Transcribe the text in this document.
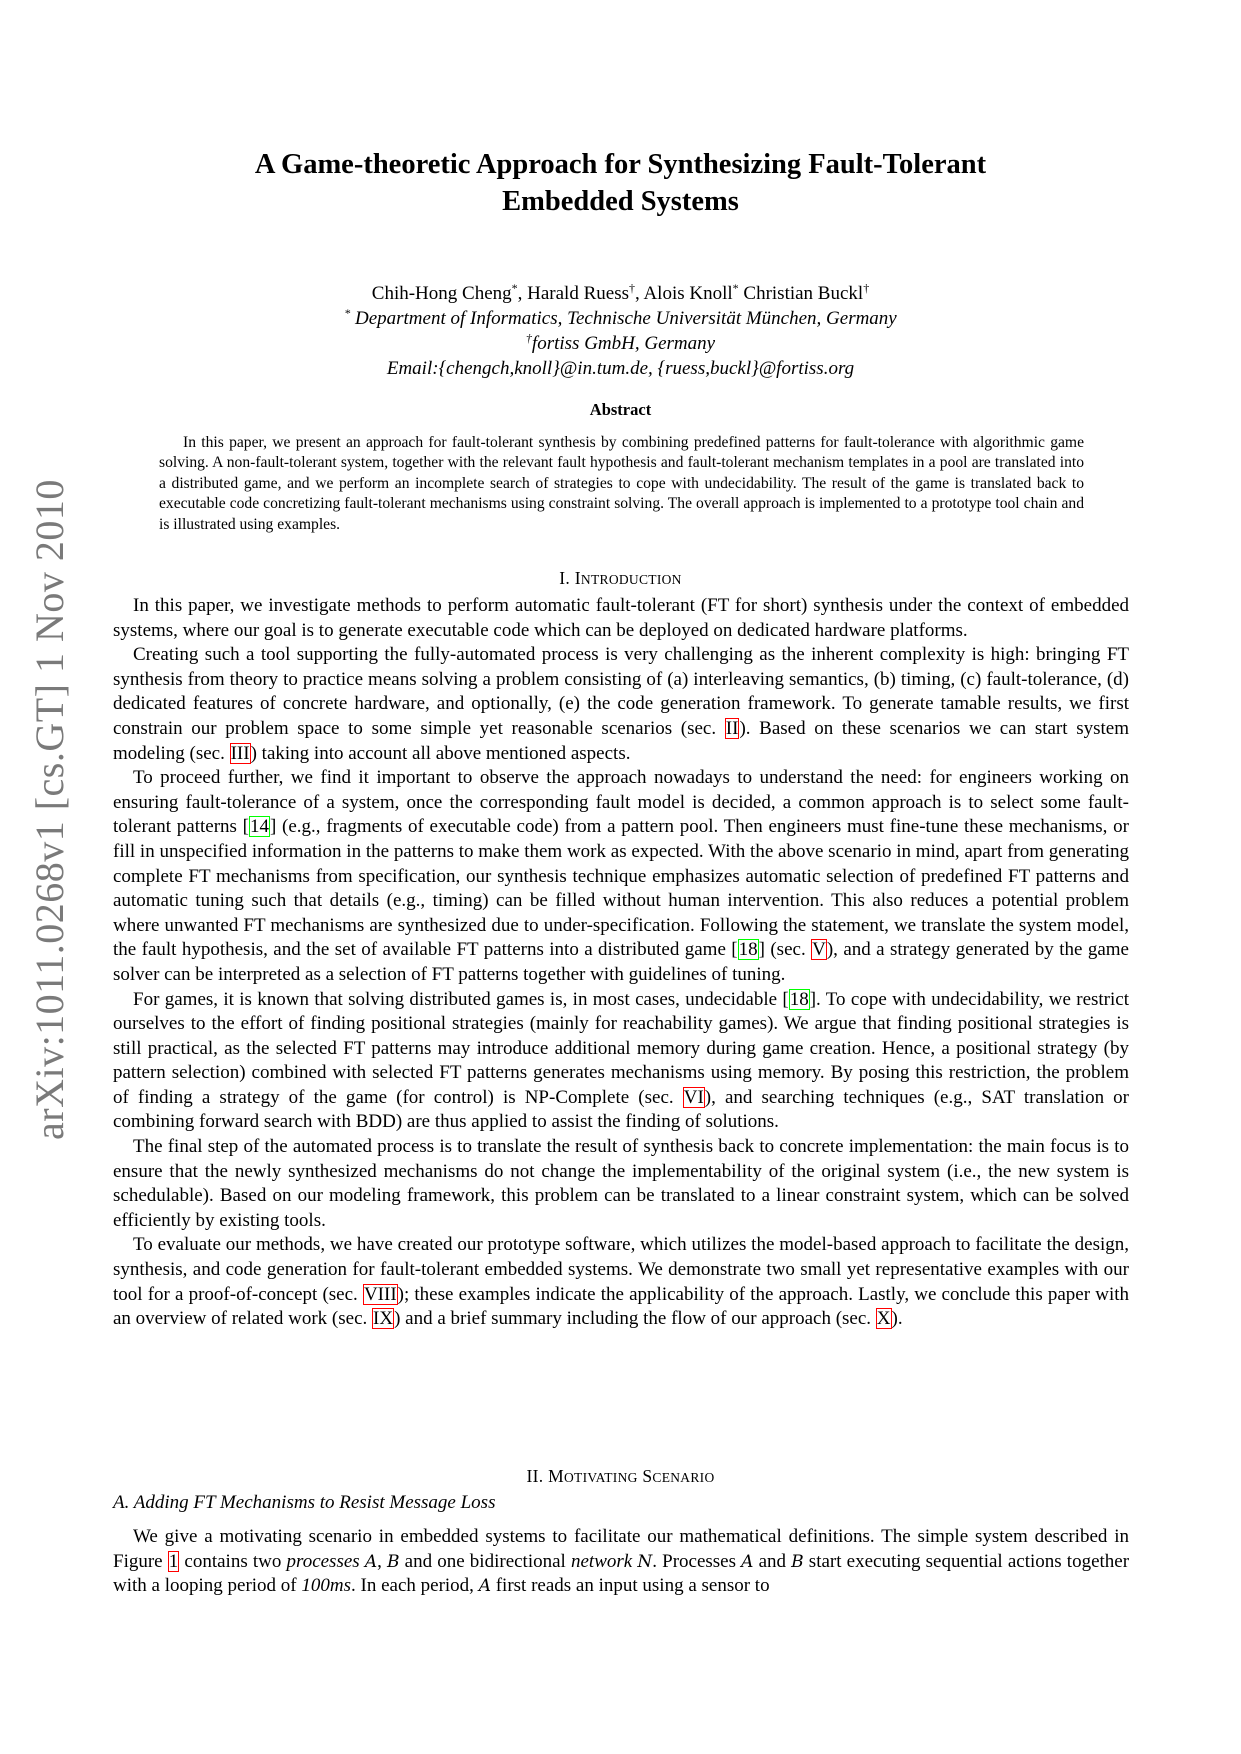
arXiv:1011.0268v1 [cs.GT] 1 Nov 2010
A Game-theoretic Approach for Synthesizing Fault-Tolerant
Embedded Systems
Chih-Hong Cheng*, Harald Ruess†, Alois Knoll* Christian Buckl†
* Department of Informatics, Technische Universität München, Germany
†fortiss GmbH, Germany
Email:{chengch,knoll}@in.tum.de, {ruess,buckl}@fortiss.org
Abstract
In this paper, we present an approach for fault-tolerant synthesis by combining predefined patterns for fault-tolerance with algorithmic game solving. A non-fault-tolerant system, together with the relevant fault hypothesis and fault-tolerant mechanism templates in a pool are translated into a distributed game, and we perform an incomplete search of strategies to cope with undecidability. The result of the game is translated back to executable code concretizing fault-tolerant mechanisms using constraint solving. The overall approach is implemented to a prototype tool chain and is illustrated using examples.
I. INTRODUCTION

In this paper, we investigate methods to perform automatic fault-tolerant (FT for short) synthesis under the context of embedded systems, where our goal is to generate executable code which can be deployed on dedicated hardware platforms.

Creating such a tool supporting the fully-automated process is very challenging as the inherent complexity is high: bringing FT synthesis from theory to practice means solving a problem consisting of (a) interleaving semantics, (b) timing, (c) fault-tolerance, (d) dedicated features of concrete hardware, and optionally, (e) the code generation framework. To generate tamable results, we first constrain our problem space to some simple yet reasonable scenarios (sec. II). Based on these scenarios we can start system modeling (sec. III) taking into account all above mentioned aspects.

To proceed further, we find it important to observe the approach nowadays to understand the need: for engineers working on ensuring fault-tolerance of a system, once the corresponding fault model is decided, a common approach is to select some fault-tolerant patterns [14] (e.g., fragments of executable code) from a pattern pool. Then engineers must fine-tune these mechanisms, or fill in unspecified information in the patterns to make them work as expected. With the above scenario in mind, apart from generating complete FT mechanisms from specification, our synthesis technique emphasizes automatic selection of predefined FT patterns and automatic tuning such that details (e.g., timing) can be filled without human intervention. This also reduces a potential problem where unwanted FT mechanisms are synthesized due to under-specification. Following the statement, we translate the system model, the fault hypothesis, and the set of available FT patterns into a distributed game [18] (sec. V), and a strategy generated by the game solver can be interpreted as a selection of FT patterns together with guidelines of tuning.

For games, it is known that solving distributed games is, in most cases, undecidable [18]. To cope with undecidability, we restrict ourselves to the effort of finding positional strategies (mainly for reachability games). We argue that finding positional strategies is still practical, as the selected FT patterns may introduce additional memory during game creation. Hence, a positional strategy (by pattern selection) combined with selected FT patterns generates mechanisms using memory. By posing this restriction, the problem of finding a strategy of the game (for control) is NP-Complete (sec. VI), and searching techniques (e.g., SAT translation or combining forward search with BDD) are thus applied to assist the finding of solutions.

The final step of the automated process is to translate the result of synthesis back to concrete implementation: the main focus is to ensure that the newly synthesized mechanisms do not change the implementability of the original system (i.e., the new system is schedulable). Based on our modeling framework, this problem can be translated to a linear constraint system, which can be solved efficiently by existing tools.

To evaluate our methods, we have created our prototype software, which utilizes the model-based approach to facilitate the design, synthesis, and code generation for fault-tolerant embedded systems. We demonstrate two small yet representative examples with our tool for a proof-of-concept (sec. VIII); these examples indicate the applicability of the approach. Lastly, we conclude this paper with an overview of related work (sec. IX) and a brief summary including the flow of our approach (sec. X).

II. MOTIVATING SCENARIO
A. Adding FT Mechanisms to Resist Message Loss

We give a motivating scenario in embedded systems to facilitate our mathematical definitions. The simple system described in Figure 1 contains two processes A, B and one bidirectional network N. Processes A and B start executing sequential actions together with a looping period of 100ms. In each period, A first reads an input using a sensor to
